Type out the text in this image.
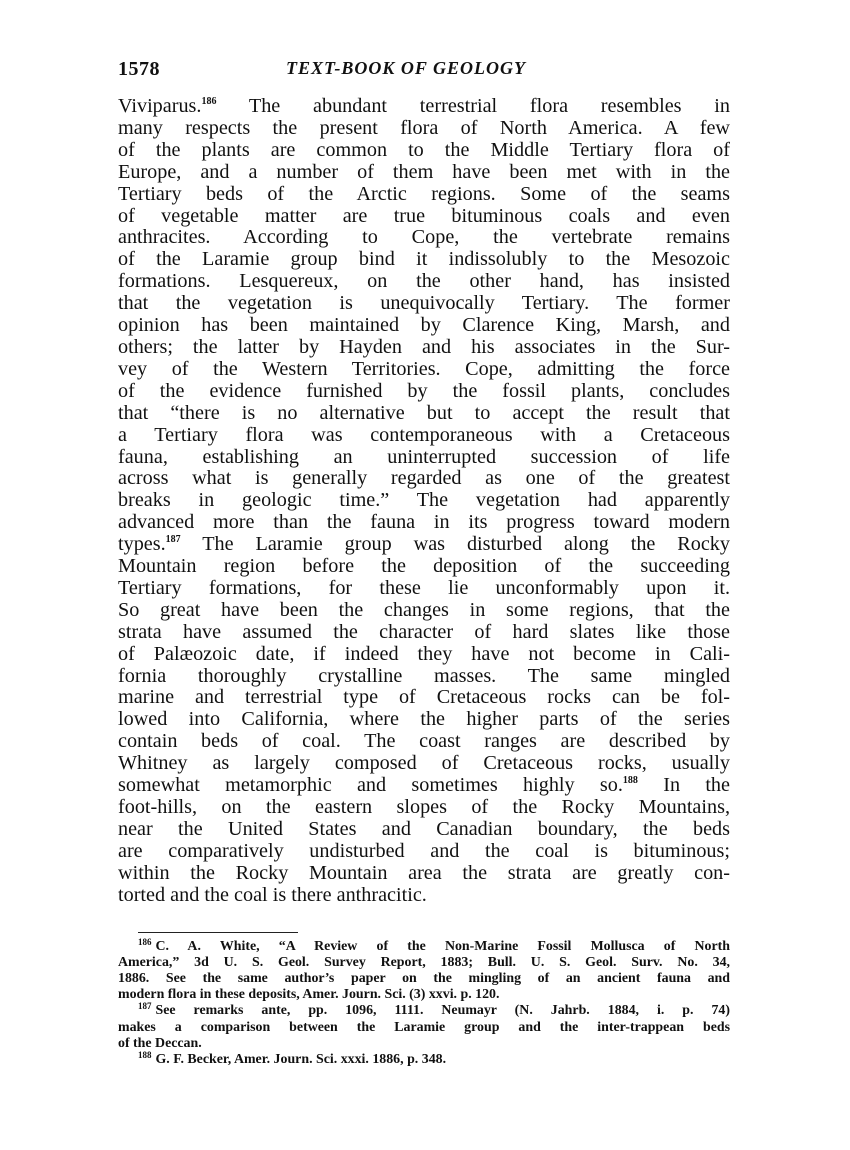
1578	TEXT-BOOK OF GEOLOGY
Viviparus.$^{186}$ The abundant terrestrial flora resembles in
many respects the present flora of North America. A few
of the plants are common to the Middle Tertiary flora of
Europe, and a number of them have been met with in the
Tertiary beds of the Arctic regions. Some of the seams
of vegetable matter are true bituminous coals and even
anthracites. According to Cope, the vertebrate remains
of the Laramie group bind it indissolubly to the Mesozoic
formations. Lesquereux, on the other hand, has insisted
that the vegetation is unequivocally Tertiary. The former
opinion has been maintained by Clarence King, Marsh, and
others; the latter by Hayden and his associates in the Sur-
vey of the Western Territories. Cope, admitting the force
of the evidence furnished by the fossil plants, concludes
that “there is no alternative but to accept the result that
a Tertiary flora was contemporaneous with a Cretaceous
fauna, establishing an uninterrupted succession of life
across what is generally regarded as one of the greatest
breaks in geologic time.” The vegetation had apparently
advanced more than the fauna in its progress toward modern
types.$^{187}$ The Laramie group was disturbed along the Rocky
Mountain region before the deposition of the succeeding
Tertiary formations, for these lie unconformably upon it.
So great have been the changes in some regions, that the
strata have assumed the character of hard slates like those
of Palæozoic date, if indeed they have not become in Cali-
fornia thoroughly crystalline masses. The same mingled
marine and terrestrial type of Cretaceous rocks can be fol-
lowed into California, where the higher parts of the series
contain beds of coal. The coast ranges are described by
Whitney as largely composed of Cretaceous rocks, usually
somewhat metamorphic and sometimes highly so.$^{188}$ In the
foot-hills, on the eastern slopes of the Rocky Mountains,
near the United States and Canadian boundary, the beds
are comparatively undisturbed and the coal is bituminous;
within the Rocky Mountain area the strata are greatly con-
torted and the coal is there anthracitic.
$^{186}$ C. A. White, “A Review of the Non-Marine Fossil Mollusca of North
America,” 3d U. S. Geol. Survey Report, 1883; Bull. U. S. Geol. Surv. No. 34,
1886. See the same author’s paper on the mingling of an ancient fauna and
modern flora in these deposits, Amer. Journ. Sci. (3) xxvi. p. 120.
$^{187}$ See remarks ante, pp. 1096, 1111. Neumayr (N. Jahrb. 1884, i. p. 74)
makes a comparison between the Laramie group and the inter-trappean beds
of the Deccan.
$^{188}$ G. F. Becker, Amer. Journ. Sci. xxxi. 1886, p. 348.
